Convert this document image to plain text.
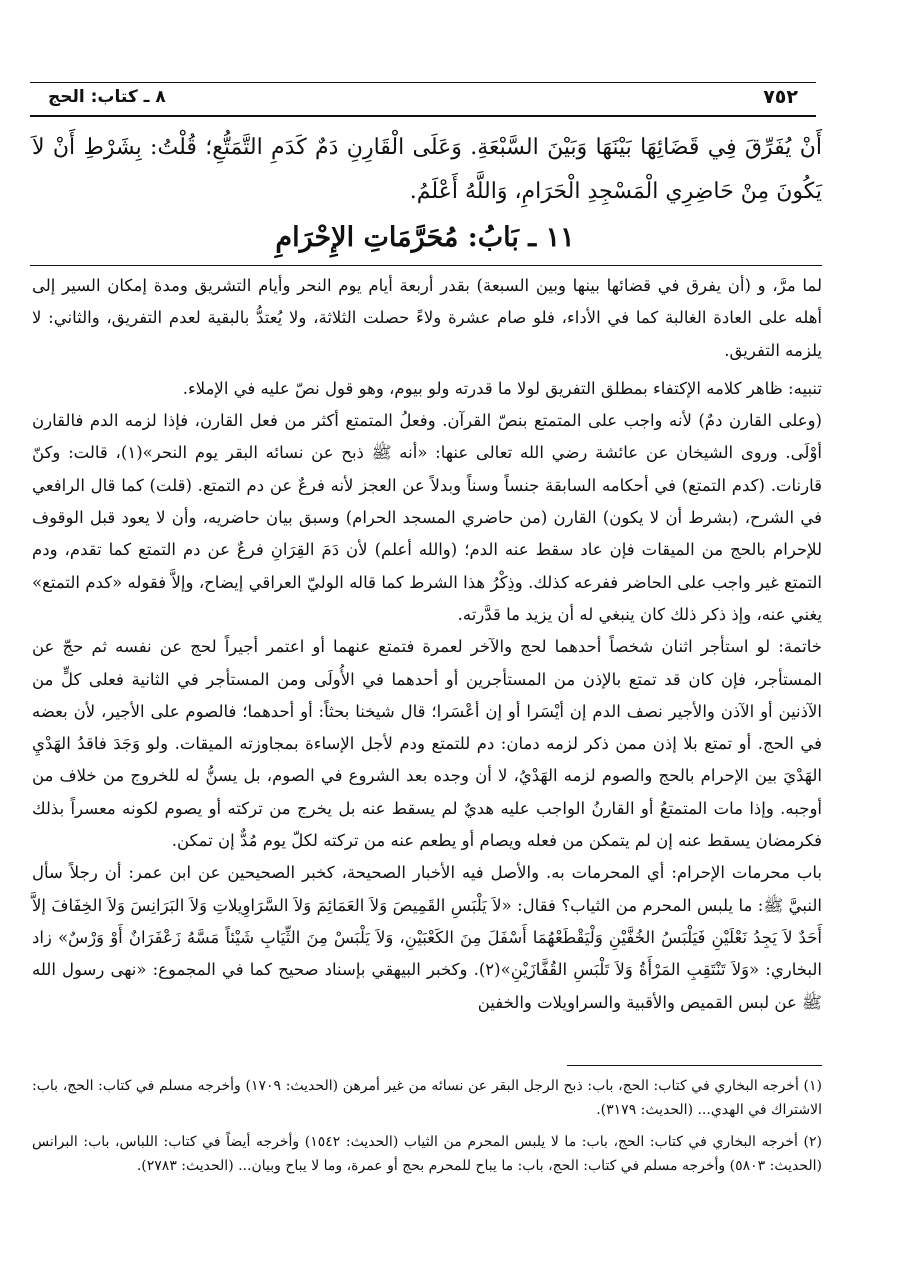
٧٥٢
٨ ـ كتاب: الحج
أَنْ يُفَرِّقَ فِي قَضَائِهَا بَيْنَهَا وَبَيْنَ السَّبْعَةِ. وَعَلَى الْقَارِنِ دَمٌ كَدَمِ التَّمَتُّعِ؛ قُلْتُ: بِشَرْطِ أَنْ لاَ يَكُونَ مِنْ حَاضِرِي الْمَسْجِدِ الْحَرَامِ، وَاللَّهُ أَعْلَمُ.
١١ ـ بَابُ: مُحَرَّمَاتِ الإِحْرَامِ

لما مرَّ، و (أن يفرق في قضائها بينها وبين السبعة) بقدر أربعة أيام يوم النحر وأيام التشريق ومدة إمكان السير إلى أهله على العادة الغالبة كما في الأداء، فلو صام عشرة ولاءً حصلت الثلاثة، ولا يُعتدُّ بالبقية لعدم التفريق، والثاني: لا يلزمه التفريق.

تنبيه: ظاهر كلامه الإكتفاء بمطلق التفريق لولا ما قدرته ولو بيوم، وهو قول نصّ عليه في الإملاء.

(وعلى القارن دمٌ) لأنه واجب على المتمتع بنصّ القرآن. وفعلُ المتمتع أكثر من فعل القارن، فإذا لزمه الدم فالقارن أوْلَى. وروى الشيخان عن عائشة رضي الله تعالى عنها: «أنه ﷺ ذبح عن نسائه البقر يوم النحر»(١)، قالت: وكنّ قارنات. (كدم التمتع) في أحكامه السابقة جنساً وسناً وبدلاً عن العجز لأنه فرعٌ عن دم التمتع. (قلت) كما قال الرافعي في الشرح، (بشرط أن لا يكون) القارن (من حاضري المسجد الحرام) وسبق بيان حاضريه، وأن لا يعود قبل الوقوف للإحرام بالحج من الميقات فإن عاد سقط عنه الدم؛ (والله أعلم) لأن دَمَ القِرَانِ فرعٌ عن دم التمتع كما تقدم، ودم التمتع غير واجب على الحاضر ففرعه كذلك. وذِكْرُ هذا الشرط كما قاله الوليّ العراقي إيضاح، وإلاَّ فقوله «كدم التمتع» يغني عنه، وإذ ذكر ذلك كان ينبغي له أن يزيد ما قدَّرته.

خاتمة: لو استأجر اثنان شخصاً أحدهما لحج والآخر لعمرة فتمتع عنهما أو اعتمر أجيراً لحج عن نفسه ثم حجّ عن المستأجر، فإن كان قد تمتع بالإذن من المستأجرين أو أحدهما في الأُولَى ومن المستأجر في الثانية فعلى كلٍّ من الآذنين أو الآذن والأجير نصف الدم إن أيْسَرا أو إن أعْسَرا؛ قال شيخنا بحثاً: أو أحدهما؛ فالصوم على الأجير، لأن بعضه في الحج. أو تمتع بلا إذن ممن ذكر لزمه دمان: دم للتمتع ودم لأجل الإساءة بمجاوزته الميقات. ولو وَجَدَ فاقدُ الهَدْيِ الهَدْيَ بين الإحرام بالحج والصوم لزمه الهَدْيُ، لا أن وجده بعد الشروع في الصوم، بل يسنُّ له للخروج من خلاف من أوجبه. وإذا مات المتمتعُ أو القارنُ الواجب عليه هديٌ لم يسقط عنه بل يخرج من تركته أو يصوم لكونه معسراً بذلك فكرمضان يسقط عنه إن لم يتمكن من فعله ويصام أو يطعم عنه من تركته لكلّ يوم مُدٌّ إن تمكن.

باب محرمات الإحرام: أي المحرمات به. والأصل فيه الأخبار الصحيحة، كخبر الصحيحين عن ابن عمر: أن رجلاً سأل النبيَّ ﷺ: ما يلبس المحرم من الثياب؟ فقال: «لاَ يَلْبَسِ القَمِيصَ وَلاَ العَمَائِمَ وَلاَ السَّرَاوِيلاتِ وَلاَ البَرَانِسَ وَلاَ الخِفَافَ إلاَّ أَحَدٌ لاَ يَجِدُ نَعْلَيْنِ فَيَلْبَسُ الخُفَّيْنِ وَلْيَقْطَعْهُمَا أَسْفَلَ مِنَ الكَعْبَيْنِ، وَلاَ يَلْبَسْ مِنَ الثِّيَابِ شَيْئاً مَسَّهُ زَعْفَرَانٌ أَوْ وَرْسٌ» زاد البخاري: «وَلاَ تَنْتَقِبِ المَرْأَةُ وَلاَ تَلْبَسِ القُفَّازَيْنِ»(٢). وكخبر البيهقي بإسناد صحيح كما في المجموع: «نهى رسول الله ﷺ عن لبس القميص والأقبية والسراويلات والخفين

(١) أخرجه البخاري في كتاب: الحج، باب: ذبح الرجل البقر عن نسائه من غير أمرهن (الحديث: ١٧٠٩) وأخرجه مسلم في كتاب: الحج، باب: الاشتراك في الهدي... (الحديث: ٣١٧٩).

(٢) أخرجه البخاري في كتاب: الحج، باب: ما لا يلبس المحرم من الثياب (الحديث: ١٥٤٢) وأخرجه أيضاً في كتاب: اللباس، باب: البرانس (الحديث: ٥٨٠٣) وأخرجه مسلم في كتاب: الحج، باب: ما يباح للمحرم بحج أو عمرة، وما لا يباح وبيان... (الحديث: ٢٧٨٣).
